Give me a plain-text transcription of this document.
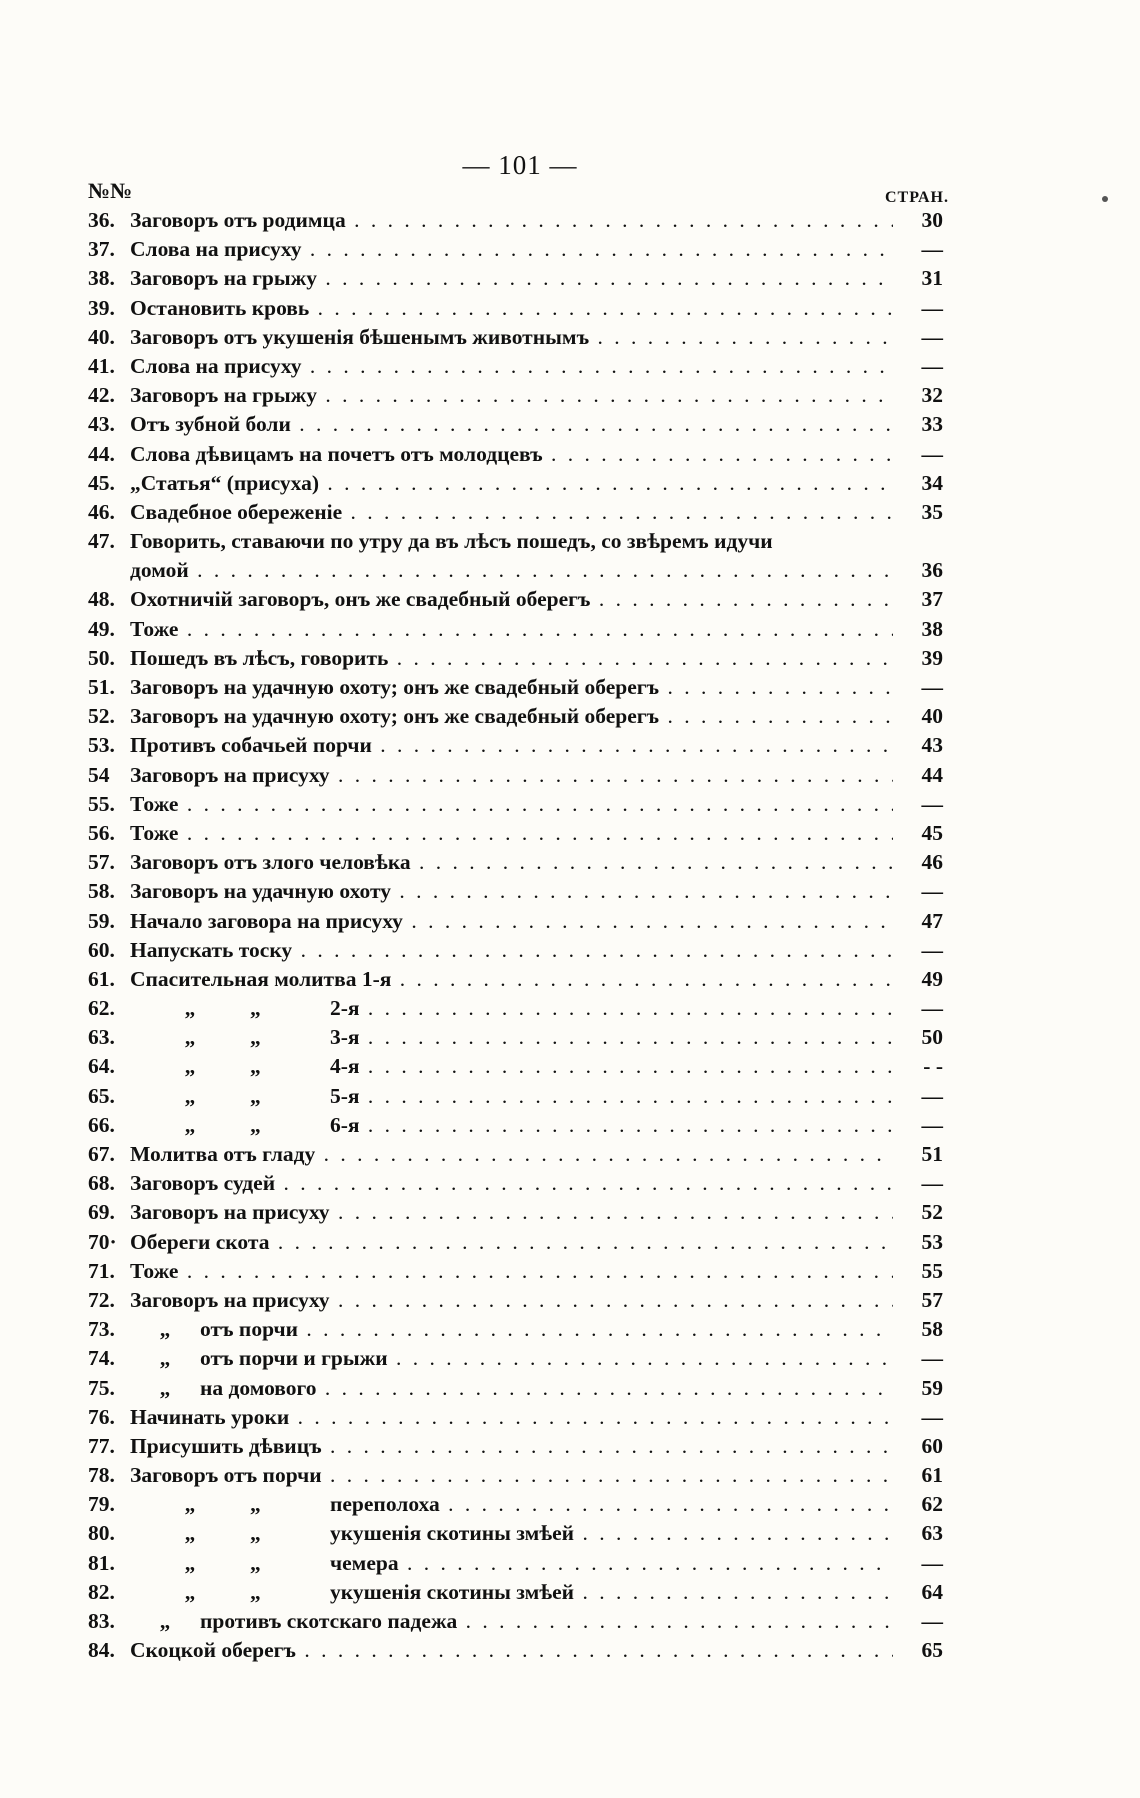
— 101 —
№№	СТРАН.
36. Заговоръ отъ родимца . . .	30
37. Слова на присуху . . .	—
38. Заговоръ на грыжу . . .	31
39. Остановить кровь . . .	—
40. Заговоръ отъ укушенія бѣшенымъ животнымъ . . .	—
41. Слова на присуху . . .	—
42. Заговоръ на грыжу . . .	32
43. Отъ зубной боли . . .	33
44. Слова дѣвицамъ на почетъ отъ молодцевъ . . .	—
45. „Статья“ (присуха) . . .	34
46. Свадебное обереженіе . . .	35
47. Говорить, ставаючи по утру да въ лѣсъ пошедъ, со звѣремъ идучи
домой . . .	36
48. Охотничій заговоръ, онъ же свадебный оберегъ . . .	37
49. Тоже . . .	38
50. Пошедъ въ лѣсъ, говорить . . .	39
51. Заговоръ на удачную охоту; онъ же свадебный оберегъ . . .	—
52. Заговоръ на удачную охоту; онъ же свадебный оберегъ . . .	40
53. Противъ собачьей порчи . . .	43
54 Заговоръ на присуху . . .	44
55. Тоже . . .	—
56. Тоже . . .	45
57. Заговоръ отъ злого человѣка . . .	46
58. Заговоръ на удачную охоту . . .	—
59. Начало заговора на присуху . . .	47
60. Напускать тоску . . .	—
61. Спасительная молитва 1-я . . .	49
62.	„	„	2-я . . .	—
63.	„	„	3-я . . .	50
64.	„	„	4-я . . .	- -
65.	„	„	5-я . . .	—
66.	„	„	6-я . . .	—
67. Молитва отъ гладу . . .	51
68. Заговоръ судей . . .	—
69. Заговоръ на присуху . . .	52
70· Обереги скота . . .	53
71. Тоже . . .	55
72. Заговоръ на присуху . . .	57
73.	„ отъ порчи . . .	58
74.	„ отъ порчи и грыжи . . .	—
75.	„ на домового . . .	59
76. Начинать уроки . . .	—
77. Присушить дѣвицъ . . .	60
78. Заговоръ отъ порчи . . .	61
79.	„	„	переполоха . . .	62
80.	„	„	укушенія скотины змѣей . . .	63
81.	„	„	чемера . . .	—
82.	„	„	укушенія скотины змѣей . . .	64
83.	„ противъ скотскаго падежа . . .	—
84. Скоцкой оберегъ . . .	65
